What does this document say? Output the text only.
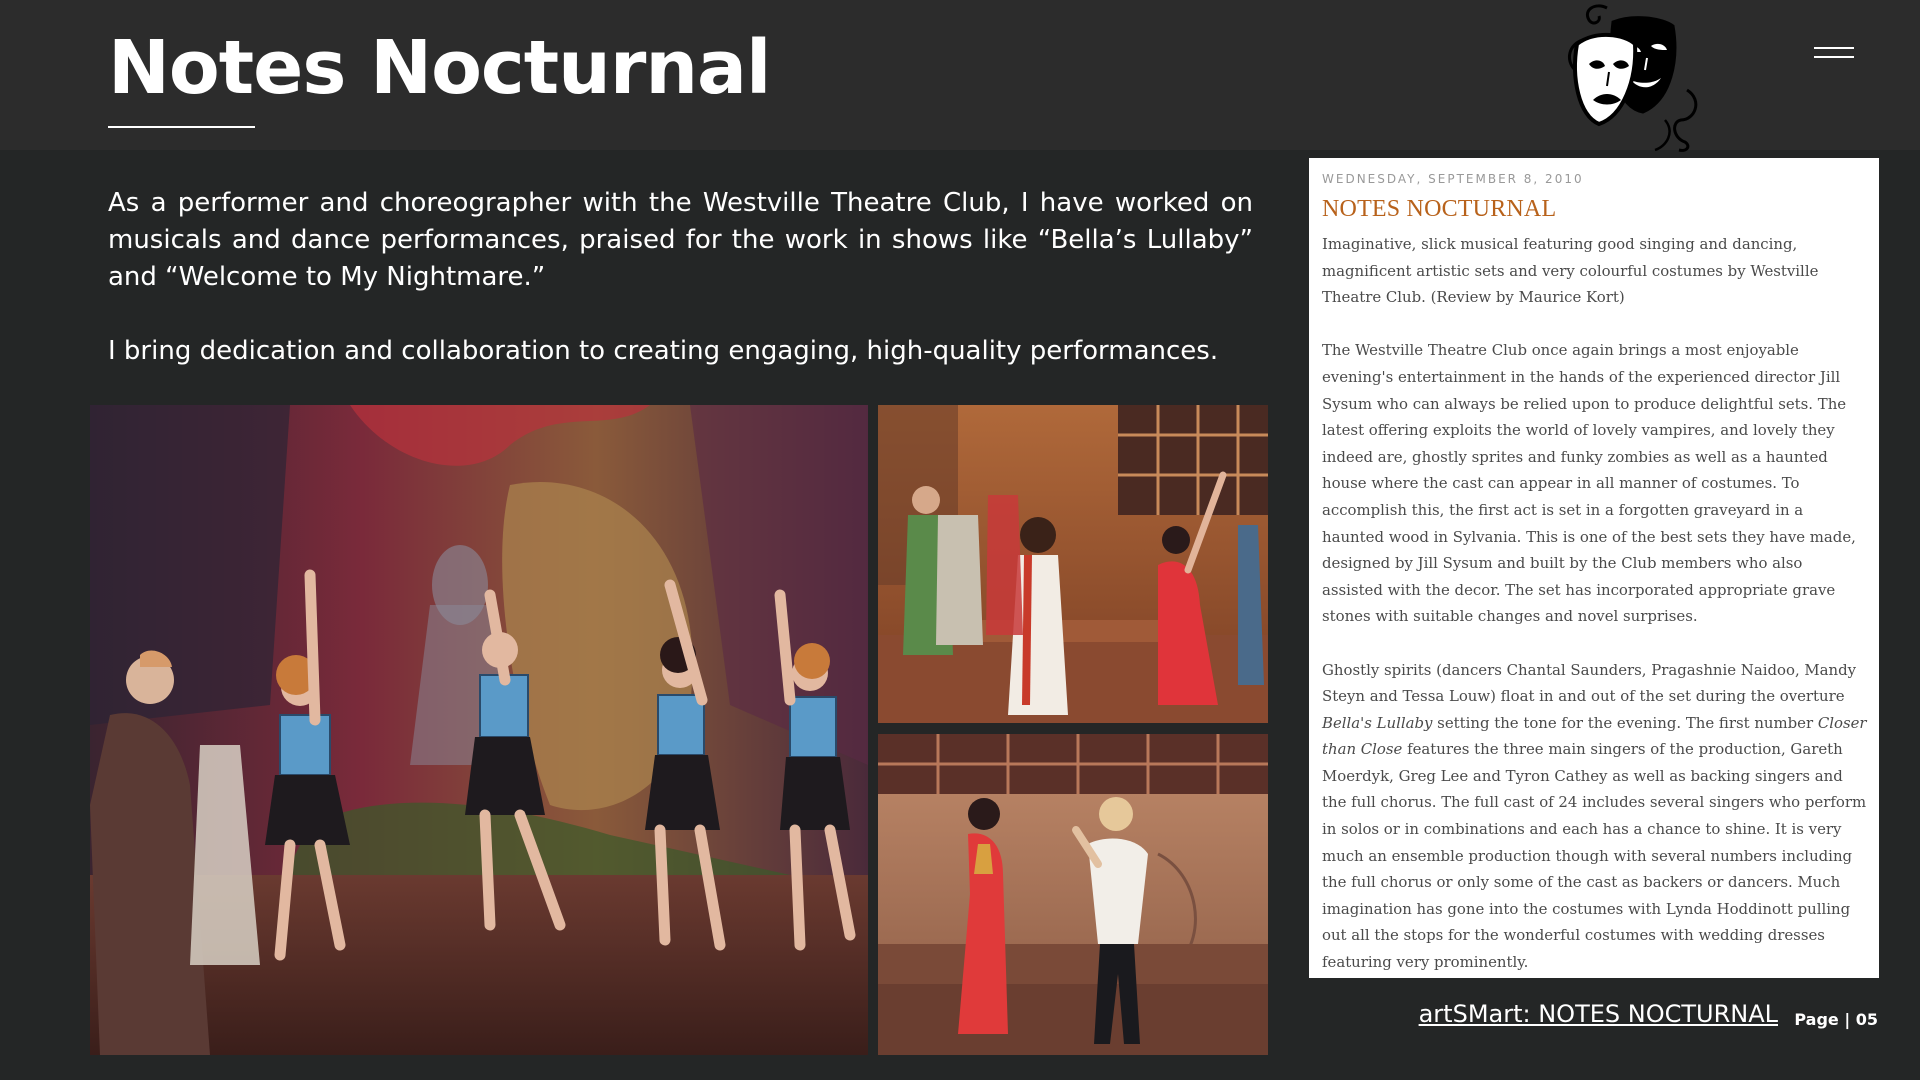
Notes Nocturnal

As a performer and choreographer with the Westville Theatre Club, I have worked on musicals and dance performances, praised for the work in shows like “Bella’s Lullaby” and “Welcome to My Nightmare.”

I bring dedication and collaboration to creating engaging, high-quality performances.

WEDNESDAY, SEPTEMBER 8, 2010

NOTES NOCTURNAL

Imaginative, slick musical featuring good singing and dancing, magnificent artistic sets and very colourful costumes by Westville Theatre Club. (Review by Maurice Kort)

The Westville Theatre Club once again brings a most enjoyable evening's entertainment in the hands of the experienced director Jill Sysum who can always be relied upon to produce delightful sets. The latest offering exploits the world of lovely vampires, and lovely they indeed are, ghostly sprites and funky zombies as well as a haunted house where the cast can appear in all manner of costumes. To accomplish this, the first act is set in a forgotten graveyard in a haunted wood in Sylvania. This is one of the best sets they have made, designed by Jill Sysum and built by the Club members who also assisted with the decor. The set has incorporated appropriate grave stones with suitable changes and novel surprises.

Ghostly spirits (dancers Chantal Saunders, Pragashnie Naidoo, Mandy Steyn and Tessa Louw) float in and out of the set during the overture Bella's Lullaby setting the tone for the evening. The first number Closer than Close features the three main singers of the production, Gareth Moerdyk, Greg Lee and Tyron Cathey as well as backing singers and the full chorus. The full cast of 24 includes several singers who perform in solos or in combinations and each has a chance to shine. It is very much an ensemble production though with several numbers including the full chorus or only some of the cast as backers or dancers. Much imagination has gone into the costumes with Lynda Hoddinott pulling out all the stops for the wonderful costumes with wedding dresses featuring very prominently.

artSMart: NOTES NOCTURNAL Page | 05
